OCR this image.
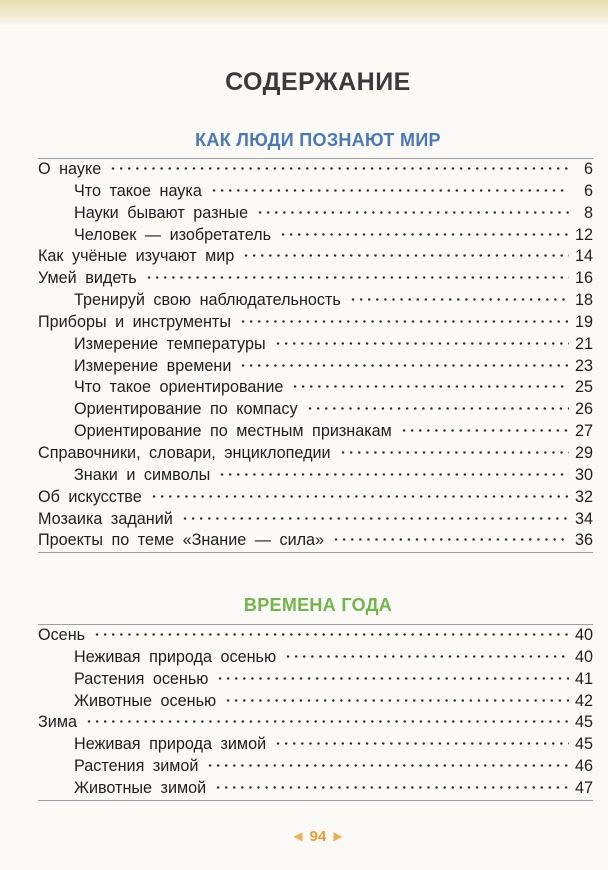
СОДЕРЖАНИЕ
КАК ЛЮДИ ПОЗНАЮТ МИР
О науке	6
Что такое наука	6
Науки бывают разные	8
Человек — изобретатель	12
Как учёные изучают мир	14
Умей видеть	16
Тренируй свою наблюдательность	18
Приборы и инструменты	19
Измерение температуры	21
Измерение времени	23
Что такое ориентирование	25
Ориентирование по компасу	26
Ориентирование по местным признакам	27
Справочники, словари, энциклопедии	29
Знаки и символы	30
Об искусстве	32
Мозаика заданий	34
Проекты по теме «Знание — сила»	36
ВРЕМЕНА ГОДА
Осень	40
Неживая природа осенью	40
Растения осенью	41
Животные осенью	42
Зима	45
Неживая природа зимой	45
Растения зимой	46
Животные зимой	47
◀ 94 ▶
